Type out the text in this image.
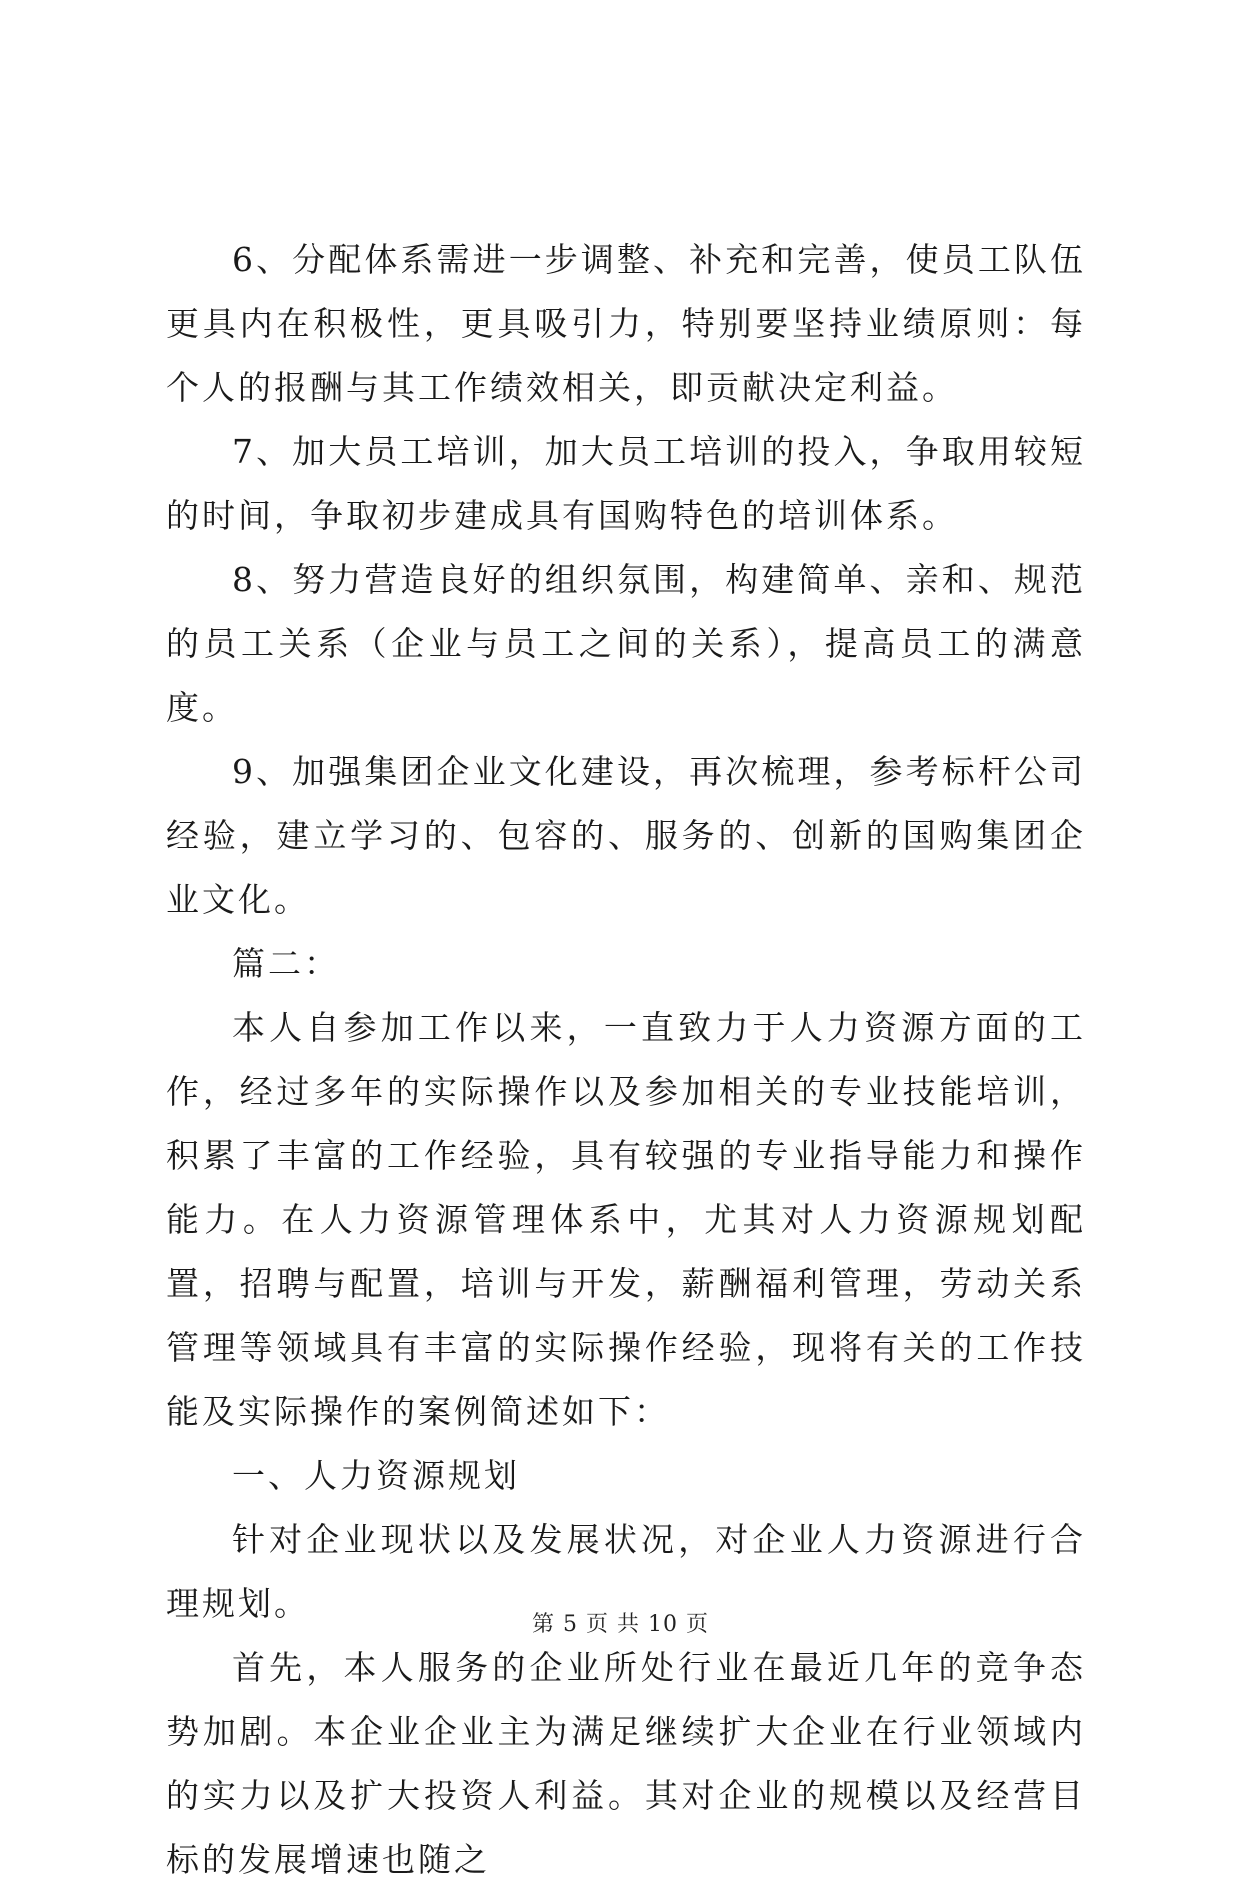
6、分配体系需进一步调整、补充和完善，使员工队伍更具内在积极性，更具吸引力，特别要坚持业绩原则：每个人的报酬与其工作绩效相关，即贡献决定利益。

7、加大员工培训，加大员工培训的投入，争取用较短的时间，争取初步建成具有国购特色的培训体系。

8、努力营造良好的组织氛围，构建简单、亲和、规范的员工关系（企业与员工之间的关系），提高员工的满意度。

9、加强集团企业文化建设，再次梳理，参考标杆公司经验，建立学习的、包容的、服务的、创新的国购集团企业文化。

篇二：

本人自参加工作以来，一直致力于人力资源方面的工作，经过多年的实际操作以及参加相关的专业技能培训，积累了丰富的工作经验，具有较强的专业指导能力和操作能力。在人力资源管理体系中，尤其对人力资源规划配置，招聘与配置，培训与开发，薪酬福利管理，劳动关系管理等领域具有丰富的实际操作经验，现将有关的工作技能及实际操作的案例简述如下：

一、人力资源规划

针对企业现状以及发展状况，对企业人力资源进行合理规划。

首先，本人服务的企业所处行业在最近几年的竞争态势加剧。本企业企业主为满足继续扩大企业在行业领域内的实力以及扩大投资人利益。其对企业的规模以及经营目标的发展增速也随之

第 5 页 共 10 页
